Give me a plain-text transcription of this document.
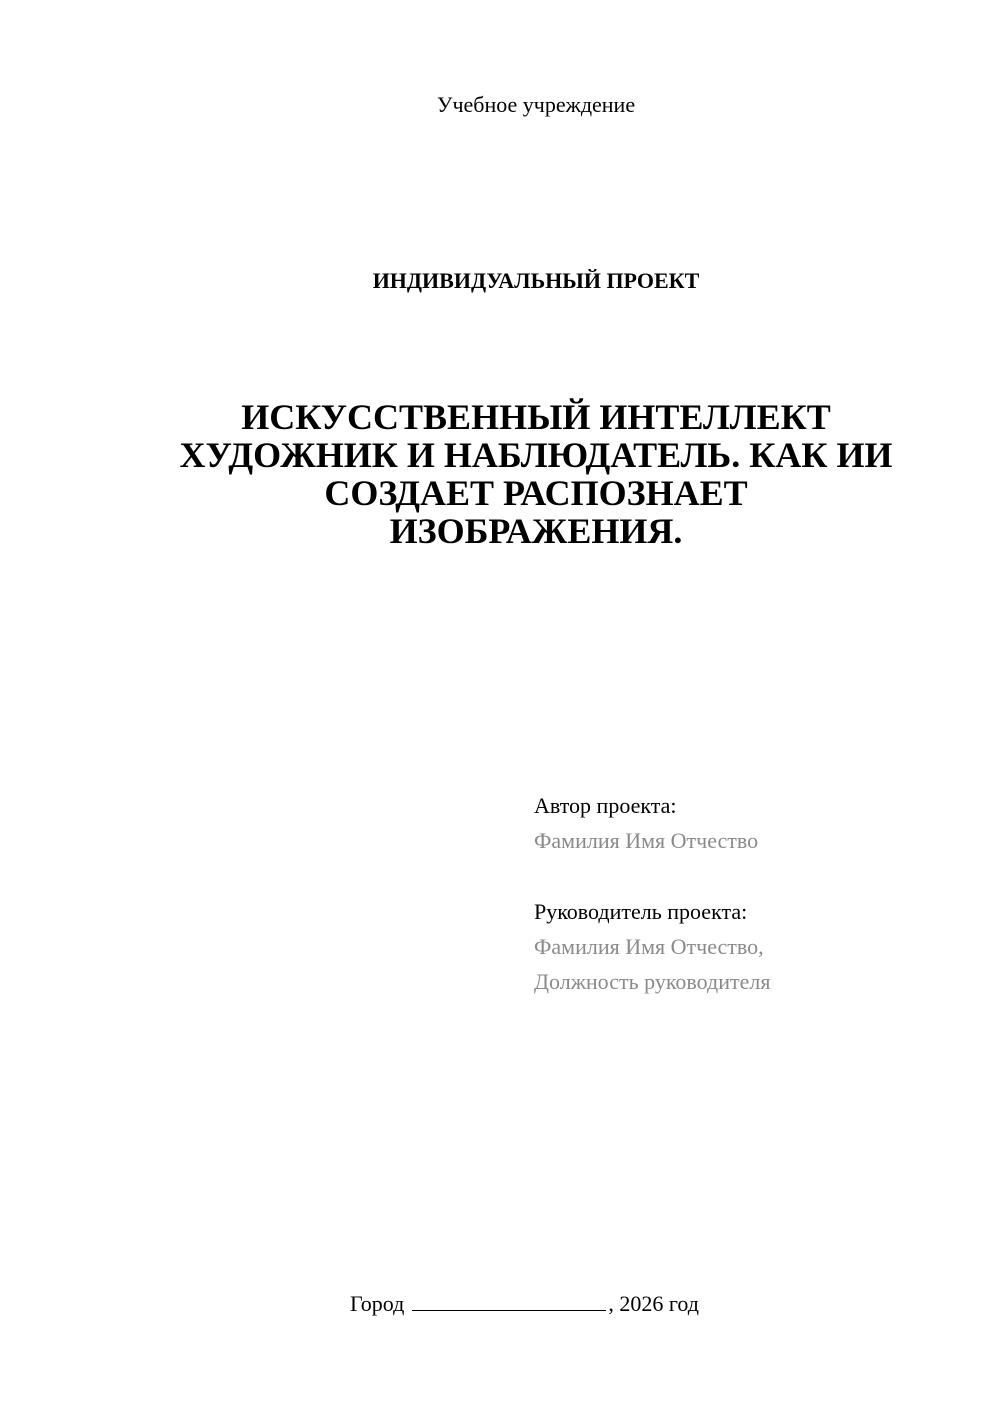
Учебное учреждение
ИНДИВИДУАЛЬНЫЙ ПРОЕКТ
ИСКУССТВЕННЫЙ ИНТЕЛЛЕКТ
ХУДОЖНИК И НАБЛЮДАТЕЛЬ. КАК ИИ
СОЗДАЕТ РАСПОЗНАЕТ
ИЗОБРАЖЕНИЯ.
Автор проекта:
Фамилия Имя Отчество
Руководитель проекта:
Фамилия Имя Отчество,
Должность руководителя
Город	, 2026 год
